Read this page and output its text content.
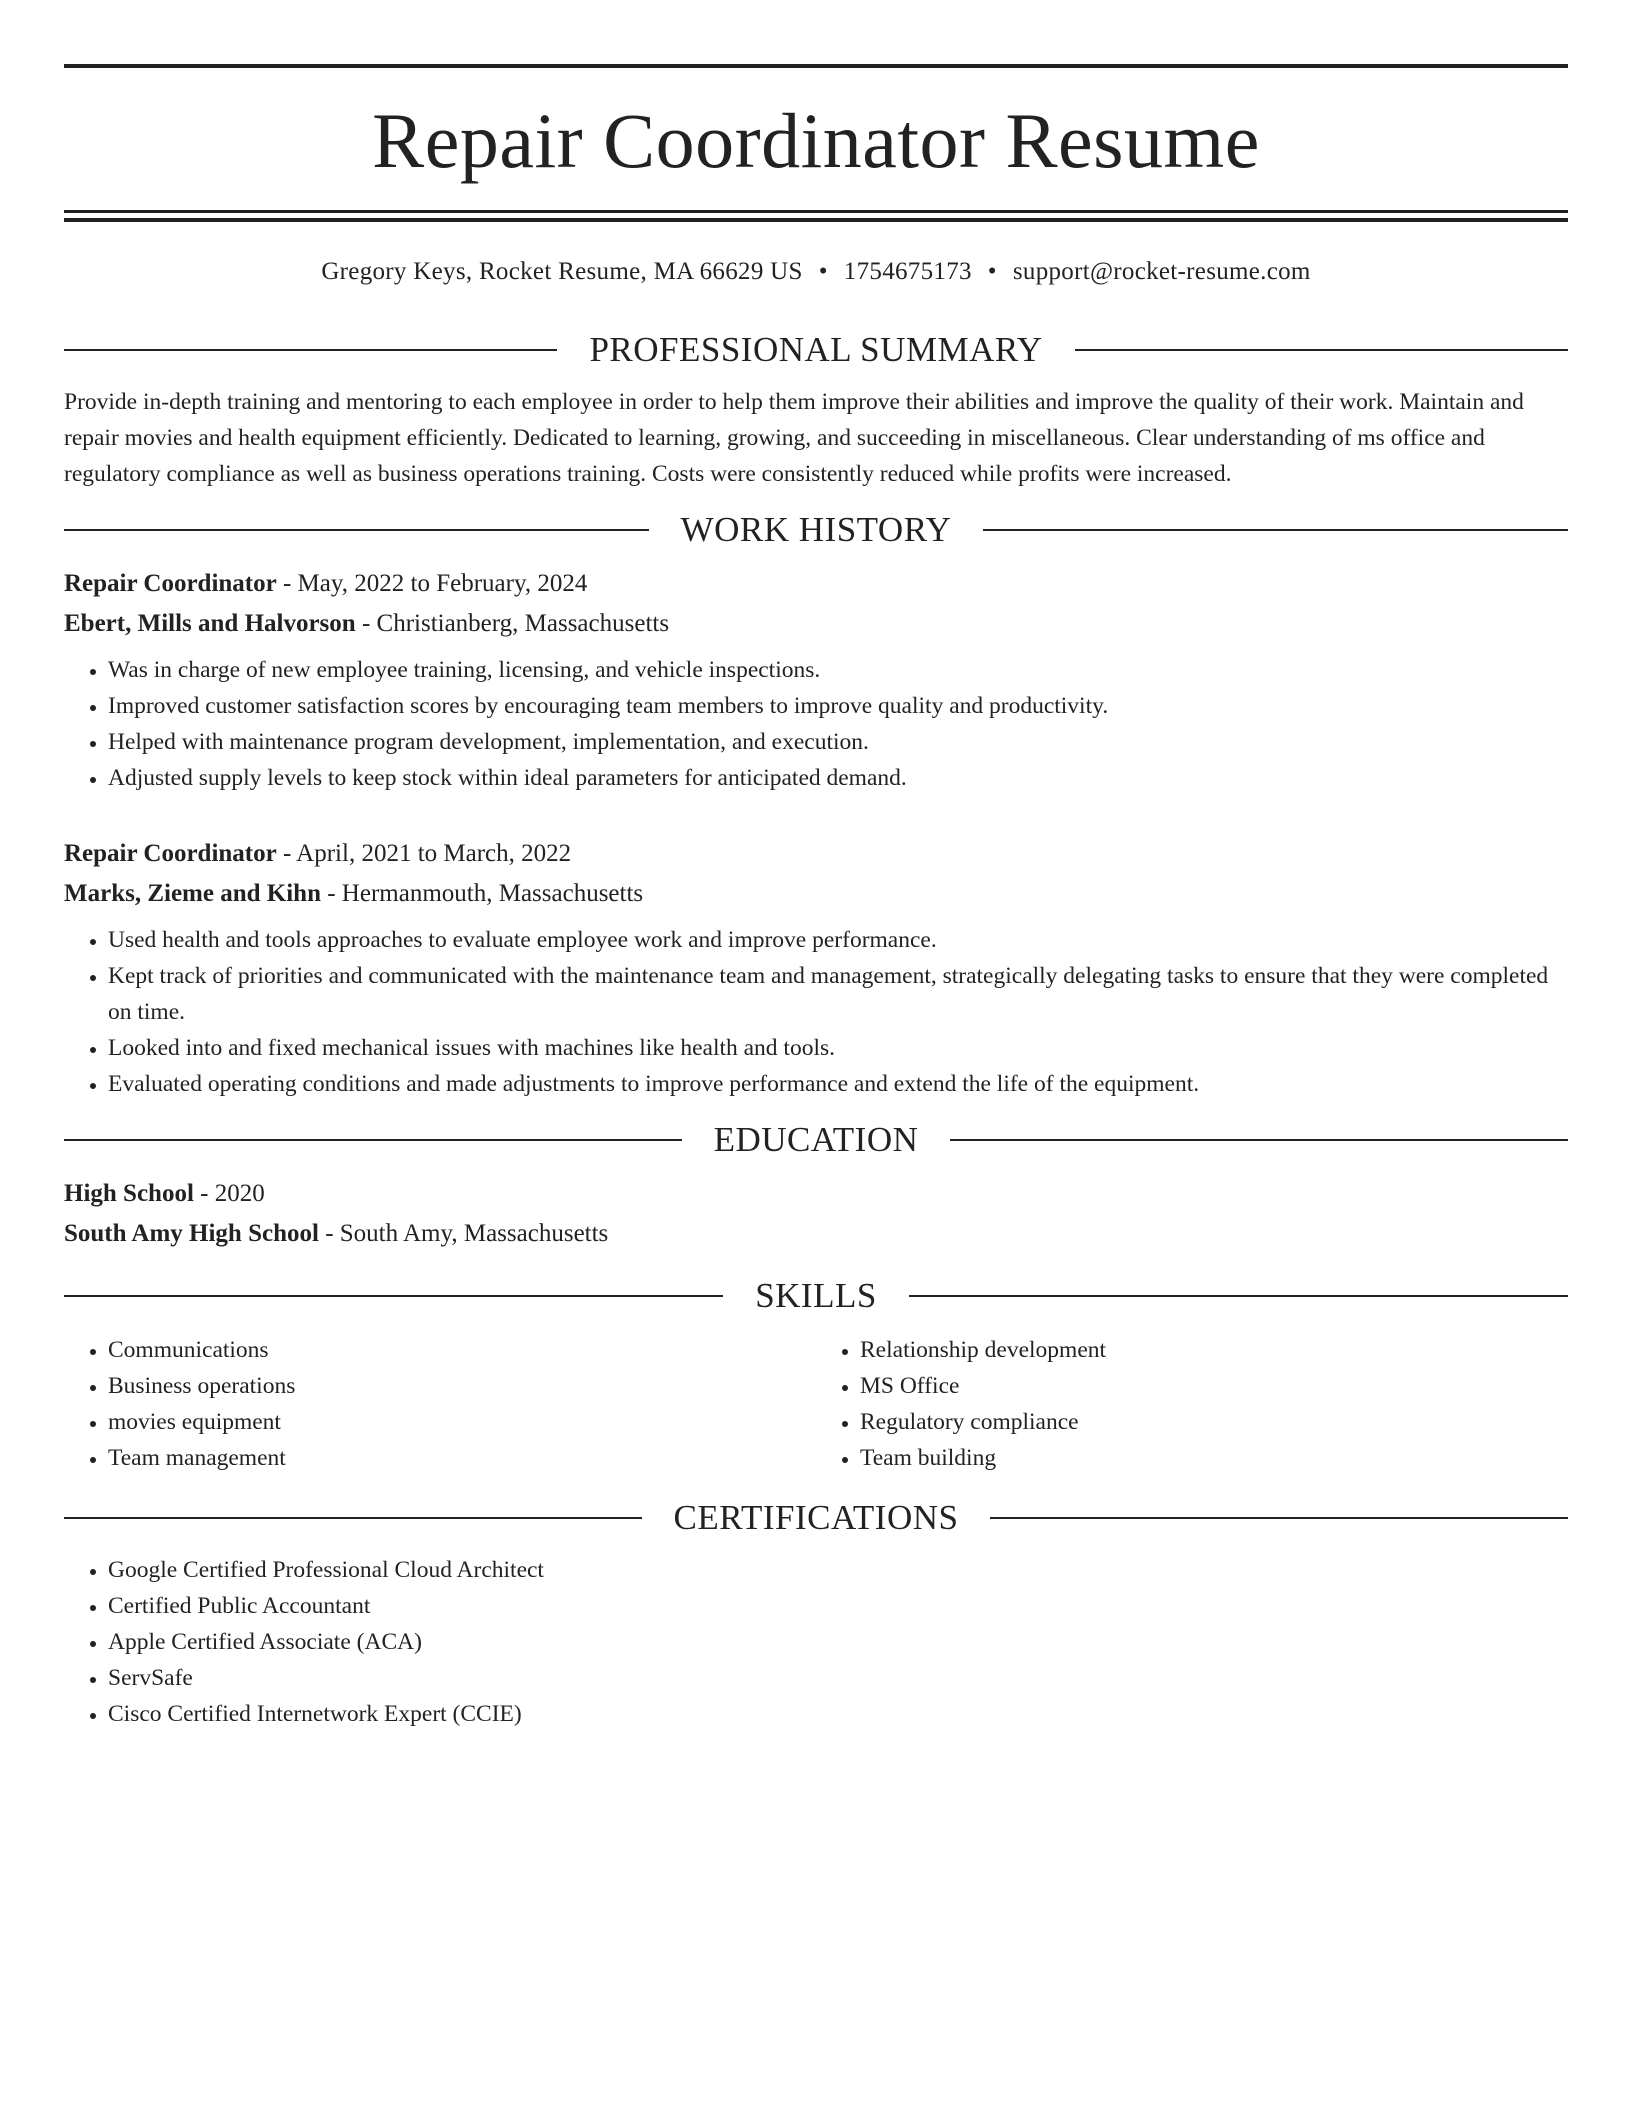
Repair Coordinator Resume
Gregory Keys, Rocket Resume, MA 66629 US • 1754675173 • support@rocket-resume.com
PROFESSIONAL SUMMARY

Provide in-depth training and mentoring to each employee in order to help them improve their abilities and improve the quality of their work. Maintain and repair movies and health equipment efficiently. Dedicated to learning, growing, and succeeding in miscellaneous. Clear understanding of ms office and regulatory compliance as well as business operations training. Costs were consistently reduced while profits were increased.

WORK HISTORY
Repair Coordinator - May, 2022 to February, 2024
Ebert, Mills and Halvorson - Christianberg, Massachusetts
• Was in charge of new employee training, licensing, and vehicle inspections.
• Improved customer satisfaction scores by encouraging team members to improve quality and productivity.
• Helped with maintenance program development, implementation, and execution.
• Adjusted supply levels to keep stock within ideal parameters for anticipated demand.
Repair Coordinator - April, 2021 to March, 2022
Marks, Zieme and Kihn - Hermanmouth, Massachusetts
• Used health and tools approaches to evaluate employee work and improve performance.
• Kept track of priorities and communicated with the maintenance team and management, strategically delegating tasks to ensure that they were completed on time.
• Looked into and fixed mechanical issues with machines like health and tools.
• Evaluated operating conditions and made adjustments to improve performance and extend the life of the equipment.
EDUCATION
High School - 2020
South Amy High School - South Amy, Massachusetts
SKILLS
• Communications
• Business operations
• movies equipment
• Team management
• Relationship development
• MS Office
• Regulatory compliance
• Team building
CERTIFICATIONS
• Google Certified Professional Cloud Architect
• Certified Public Accountant
• Apple Certified Associate (ACA)
• ServSafe
• Cisco Certified Internetwork Expert (CCIE)
